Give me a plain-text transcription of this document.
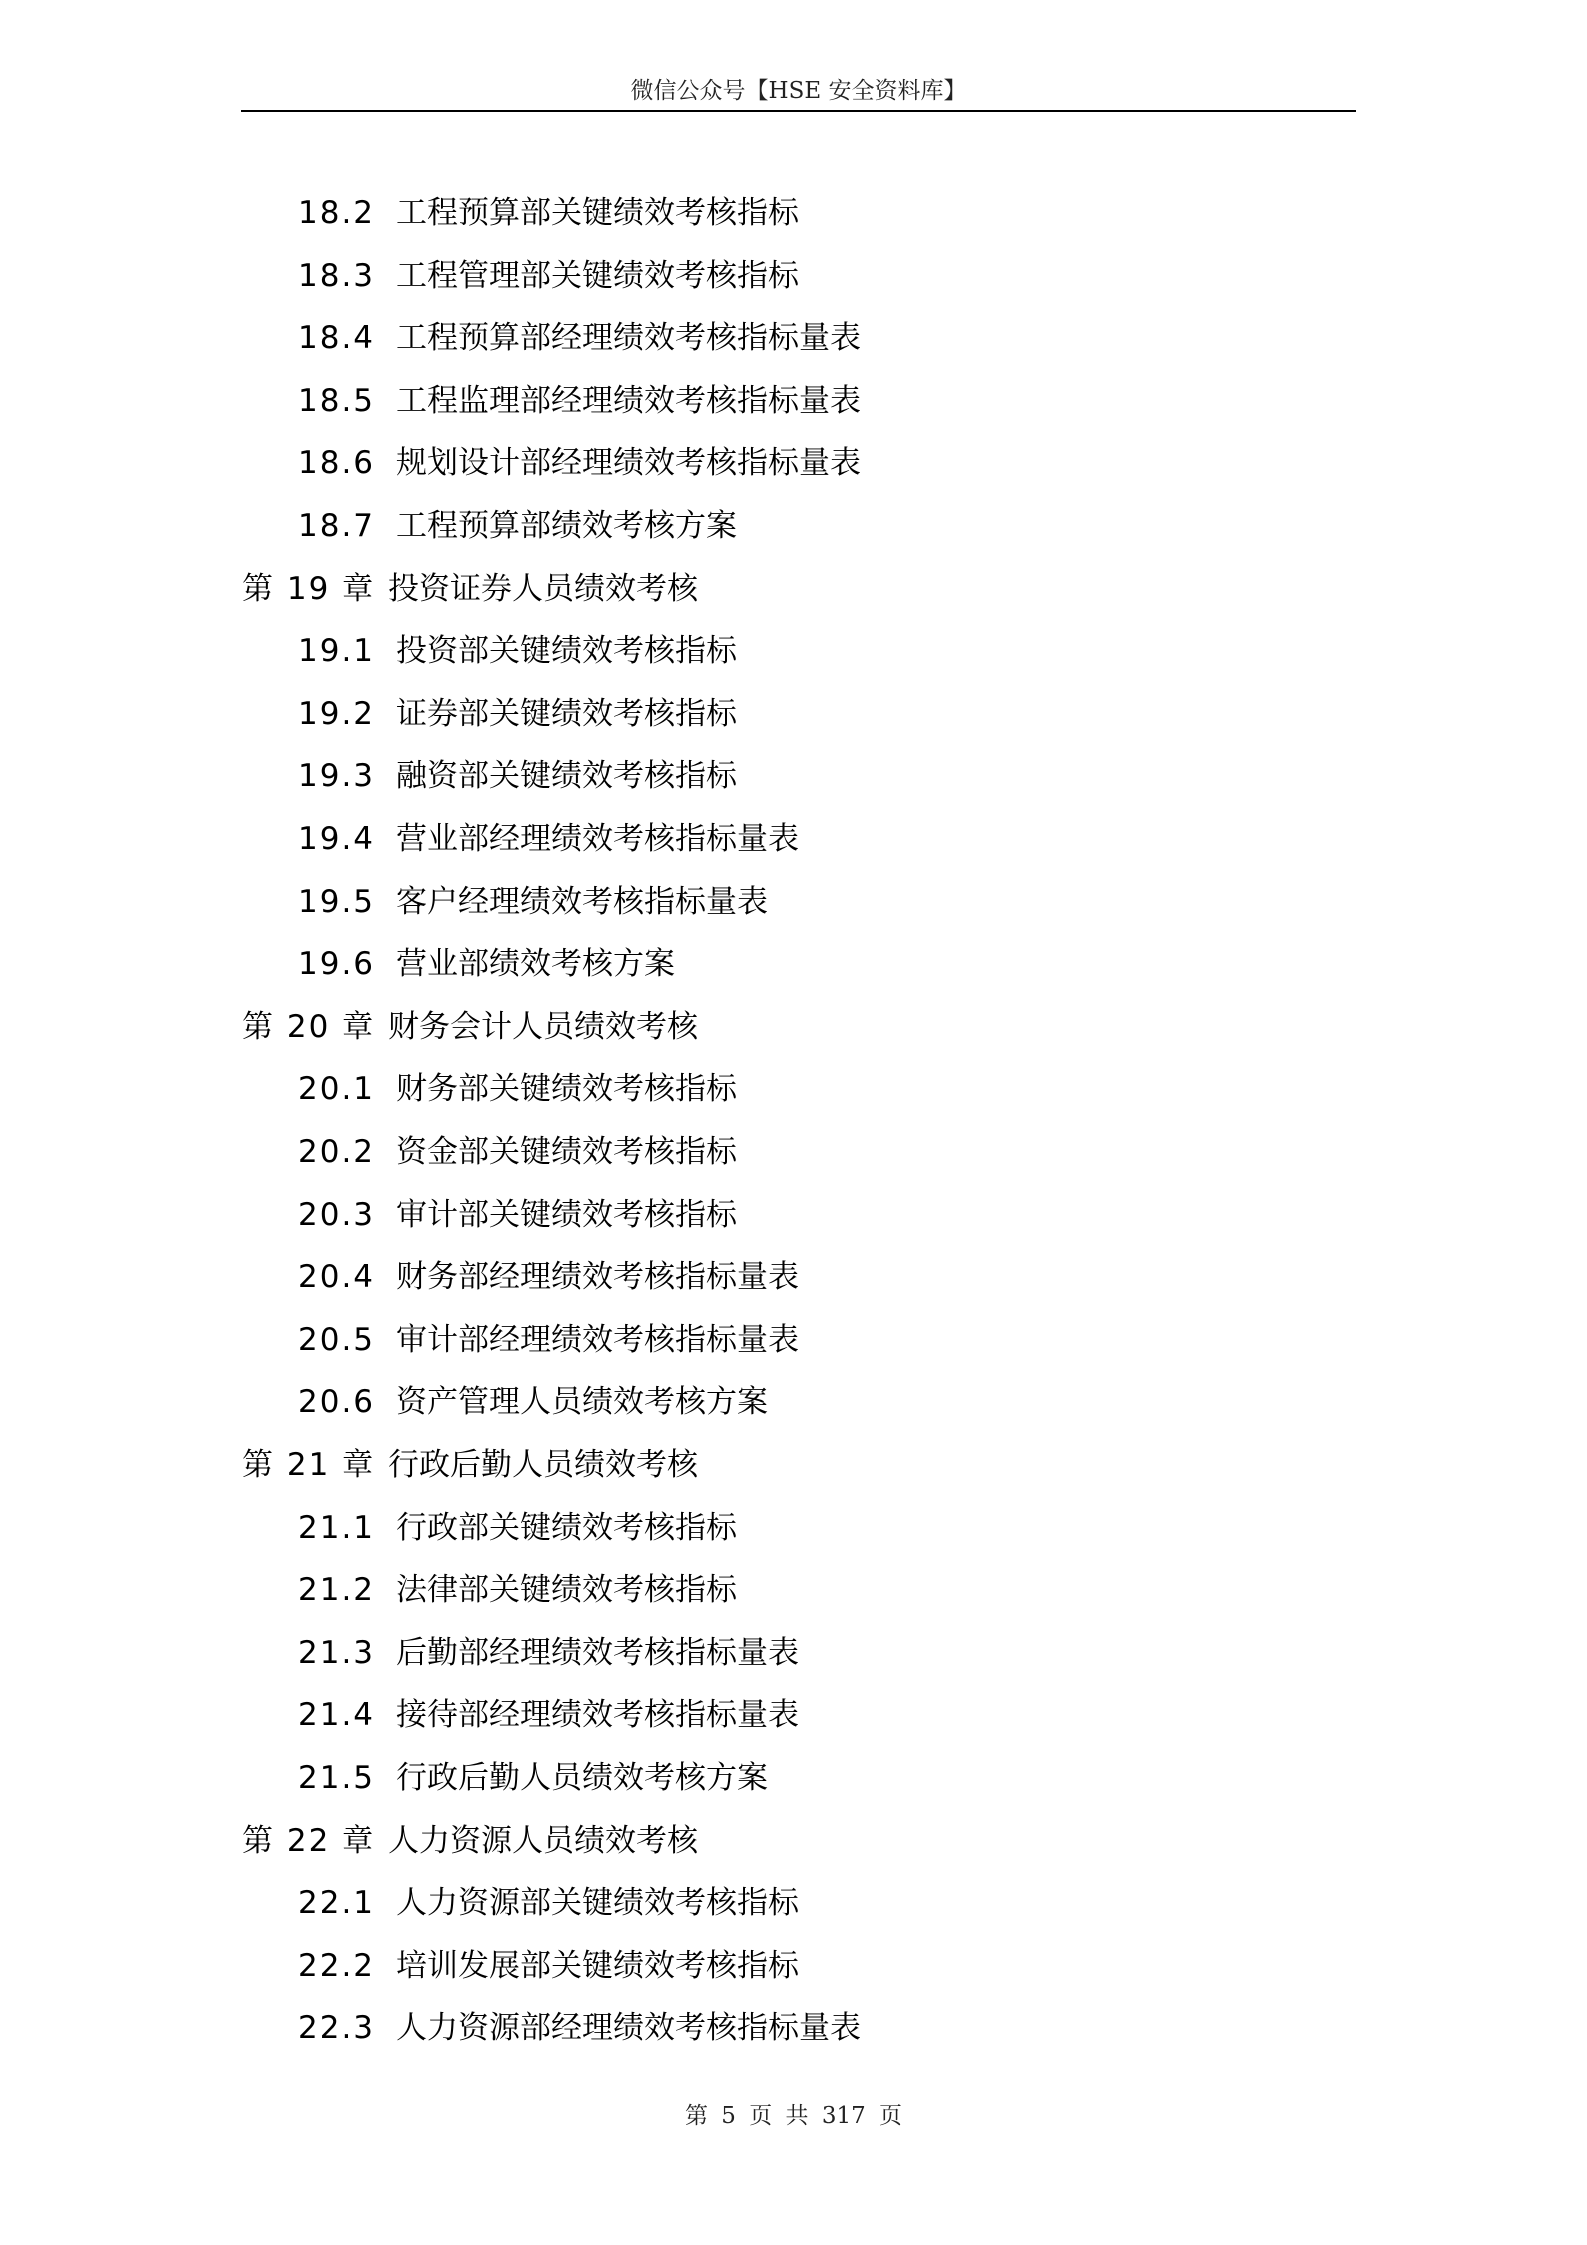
微信公众号【HSE 安全资料库】
18.2 工程预算部关键绩效考核指标
18.3 工程管理部关键绩效考核指标
18.4 工程预算部经理绩效考核指标量表
18.5 工程监理部经理绩效考核指标量表
18.6 规划设计部经理绩效考核指标量表
18.7 工程预算部绩效考核方案
第 19 章 投资证券人员绩效考核
19.1 投资部关键绩效考核指标
19.2 证券部关键绩效考核指标
19.3 融资部关键绩效考核指标
19.4 营业部经理绩效考核指标量表
19.5 客户经理绩效考核指标量表
19.6 营业部绩效考核方案
第 20 章 财务会计人员绩效考核
20.1 财务部关键绩效考核指标
20.2 资金部关键绩效考核指标
20.3 审计部关键绩效考核指标
20.4 财务部经理绩效考核指标量表
20.5 审计部经理绩效考核指标量表
20.6 资产管理人员绩效考核方案
第 21 章 行政后勤人员绩效考核
21.1 行政部关键绩效考核指标
21.2 法律部关键绩效考核指标
21.3 后勤部经理绩效考核指标量表
21.4 接待部经理绩效考核指标量表
21.5 行政后勤人员绩效考核方案
第 22 章 人力资源人员绩效考核
22.1 人力资源部关键绩效考核指标
22.2 培训发展部关键绩效考核指标
22.3 人力资源部经理绩效考核指标量表
第 5 页 共 317 页
